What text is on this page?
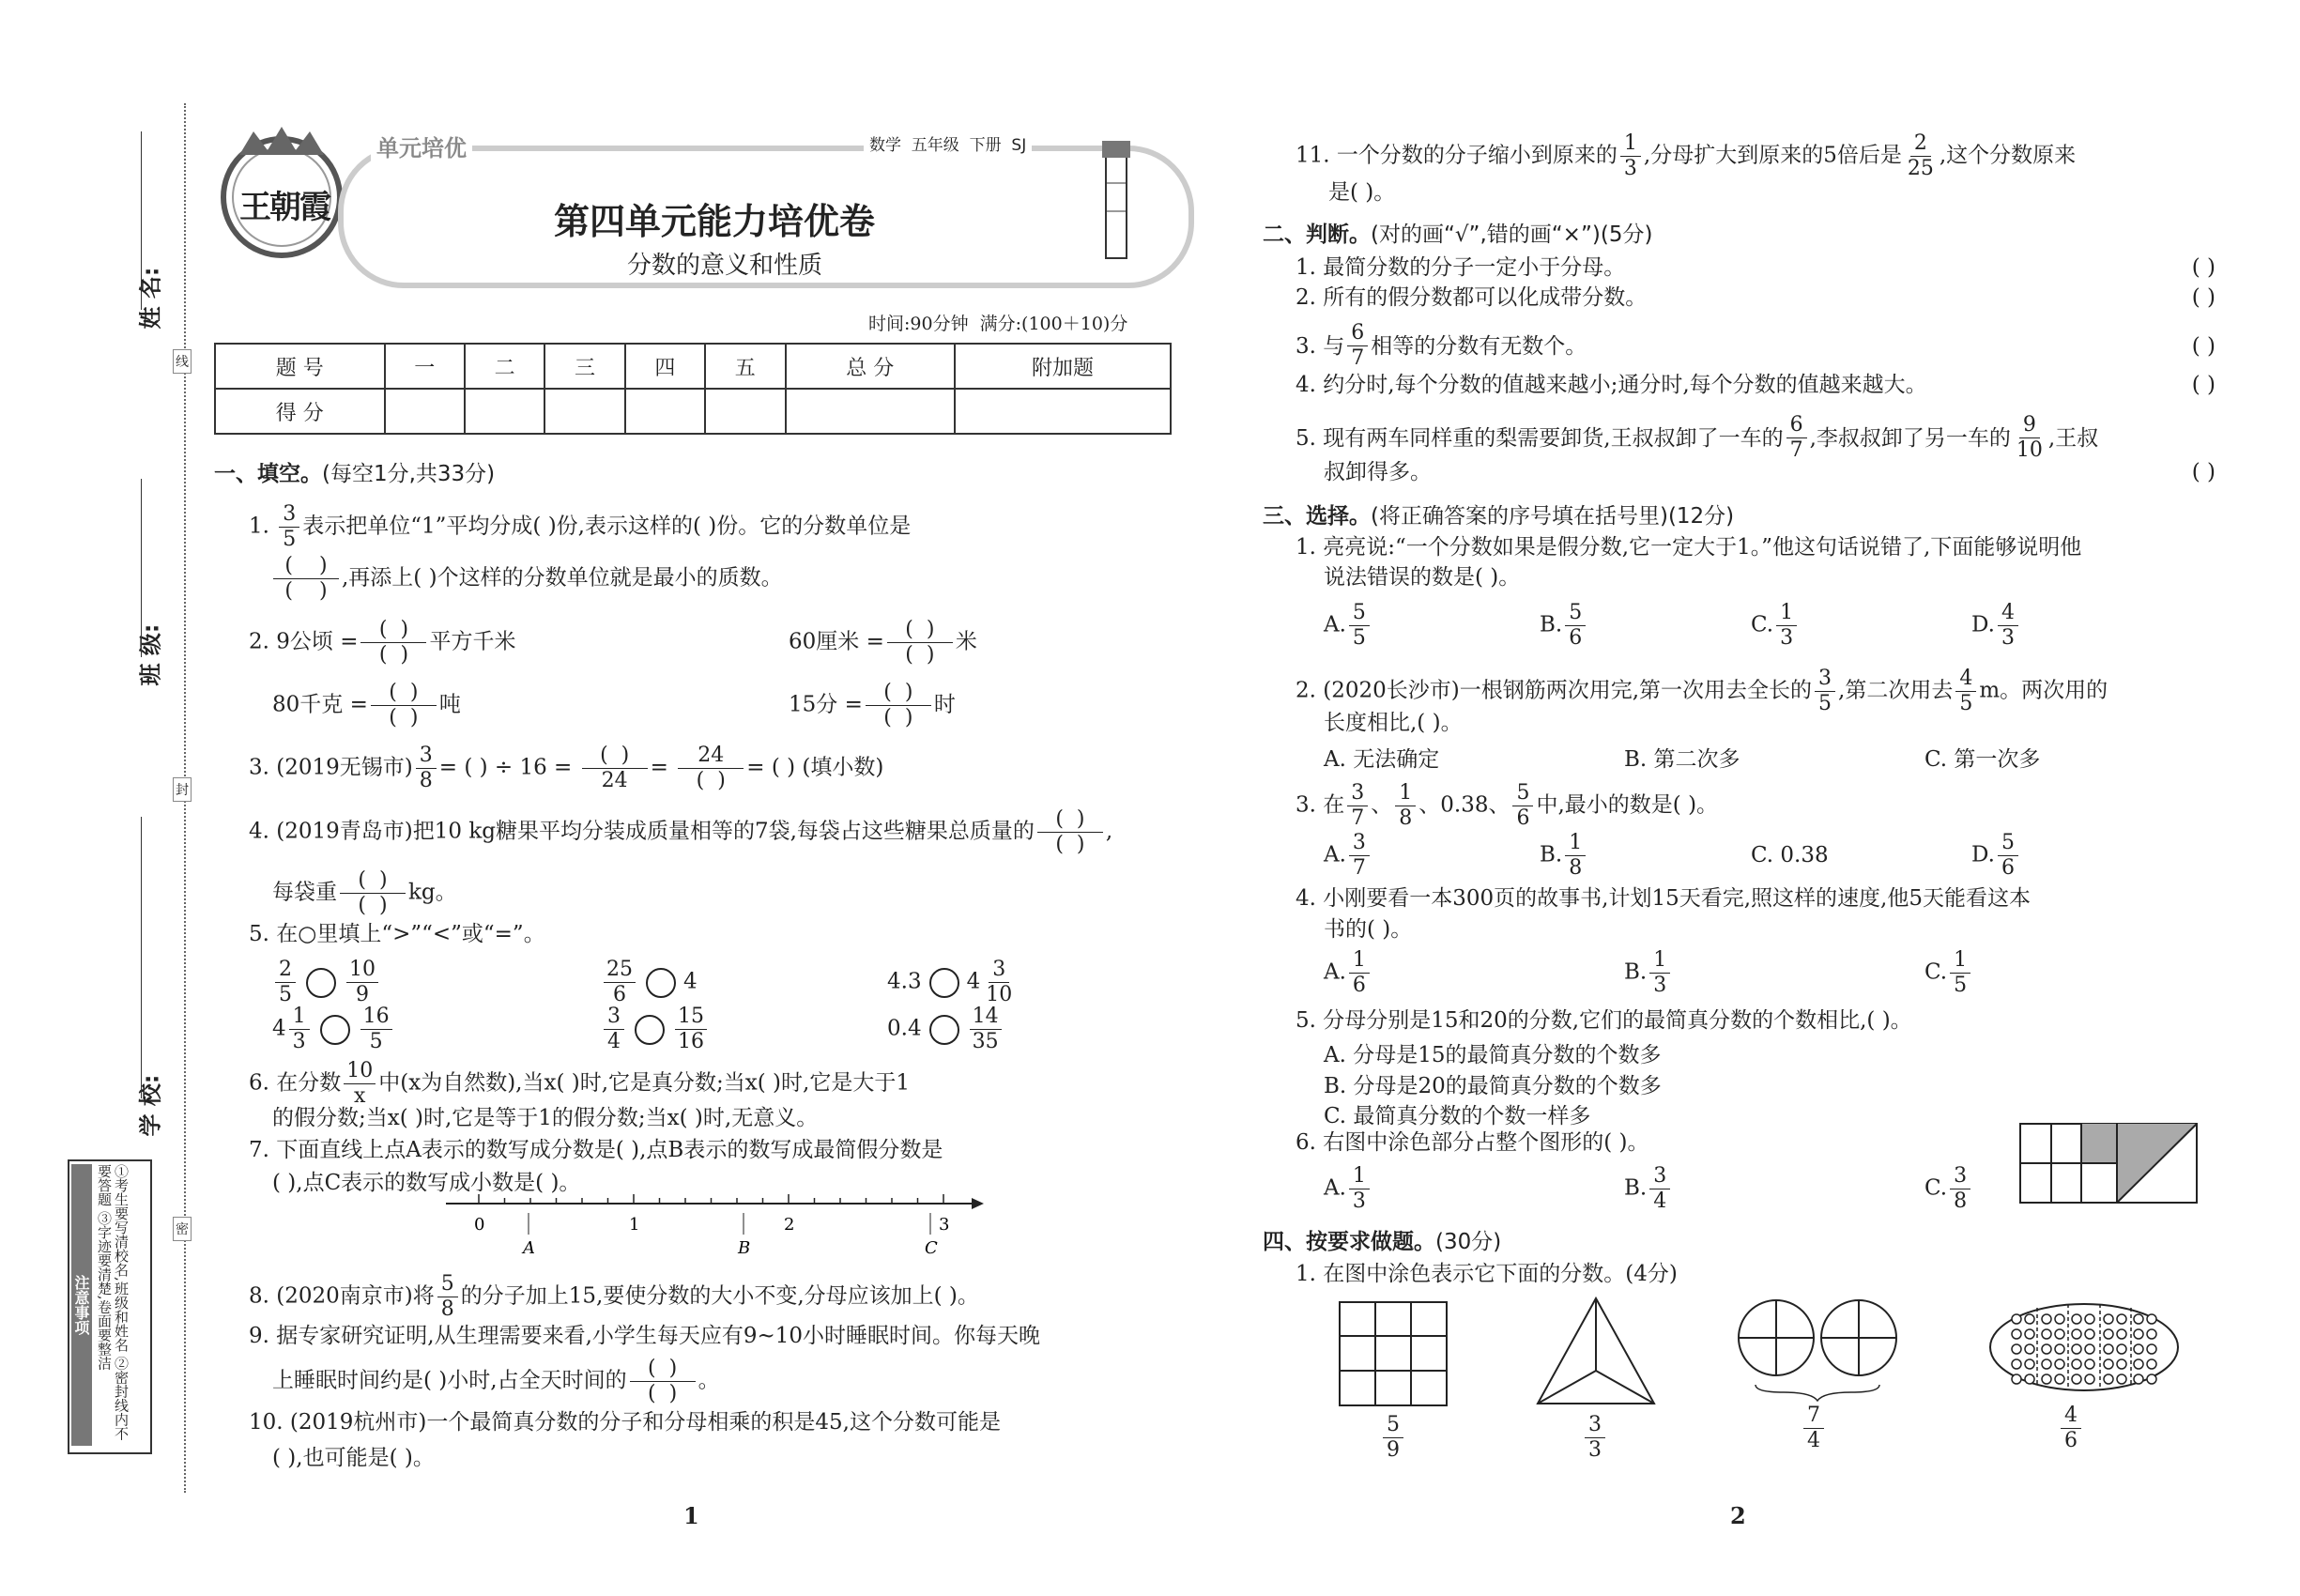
姓 名:
班 级:
学 校:
线
封
密
注意事项	①考生要写清校名,班级和姓名 ②密封线内不要答题 ③字迹要清楚,卷面要整洁
王朝霞
单元培优	数学  五年级  下册  SJ
第四单元能力培优卷
分数的意义和性质
时间:90分钟  满分:(100＋10)分
题 号	一	二	三	四	五	总 分	附加题
得 分							
一、填空。(每空1分,共33分)
1. $\frac{3}{5}$ 表示把单位“1”平均分成( )份,表示这样的( )份。它的分数单位是
$\frac{( )}{( )}$ ,再添上( )个这样的分数单位就是最小的质数。
2. 9公顷 = $\frac{( )}{( )}$ 平方千米	60厘米 = $\frac{( )}{( )}$ 米
80千克 = $\frac{( )}{( )}$ 吨	15分 = $\frac{( )}{( )}$ 时
3. (2019无锡市) $\frac{3}{8}$ = ( ) ÷ $16 = \frac{( )}{24} = \frac{24}{( )}$ = ( ) (填小数)
4. (2019青岛市)把10 kg糖果平均分装成质量相等的7袋,每袋占这些糖果总质量的 $\frac{( )}{( )}$ ,
每袋重 $\frac{( )}{( )}$ kg。
5. 在○里填上“>”“<”或“=”。
$\frac{2}{5} \frac{10}{9}$	$\frac{25}{6} 4$	4.3 $4 \frac{3}{10}$
$4 \frac{1}{3} \frac{16}{5}$	$\frac{3}{4} \frac{15}{16}$	$0.4 \frac{14}{35}$
6. 在分数 $\frac{10}{x}$ 中(x为自然数),当x( )时,它是真分数;当x( )时,它是大于1
的假分数;当x( )时,它是等于1的假分数;当x( )时,无意义。
7. 下面直线上点A表示的数写成分数是( ),点B表示的数写成最简假分数是
( ),点C表示的数写成小数是( )。
0	1	2	3
A	B	C
8. (2020南京市)将 $\frac{5}{8}$ 的分子加上15,要使分数的大小不变,分母应该加上( )。
9. 据专家研究证明,从生理需要来看,小学生每天应有9~10小时睡眠时间。你每天晚
上睡眠时间约是( )小时,占全天时间的 $\frac{( )}{( )}$ 。
10. (2019杭州市)一个最简真分数的分子和分母相乘的积是45,这个分数可能是
( ),也可能是( )。
1
11. 一个分数的分子缩小到原来的 $\frac{1}{3}$ ,分母扩大到原来的5倍后是 $\frac{2}{25}$ ,这个分数原来
是( )。
二、判断。(对的画“√”,错的画“×”)(5分)
1. 最简分数的分子一定小于分母。	( )
2. 所有的假分数都可以化成带分数。	( )
3. 与 $\frac{6}{7}$ 相等的分数有无数个。	( )
4. 约分时,每个分数的值越来越小;通分时,每个分数的值越来越大。	( )
5. 现有两车同样重的梨需要卸货,王叔叔卸了一车的 $\frac{6}{7}$ ,李叔叔卸了另一车的 $\frac{9}{10}$ ,王叔
叔卸得多。	( )
三、选择。(将正确答案的序号填在括号里)(12分)
1. 亮亮说:“一个分数如果是假分数,它一定大于1。”他这句话说错了,下面能够说明他
说法错误的数是( )。
A. $\frac{5}{5}$	B. $\frac{5}{6}$	C. $\frac{1}{3}$	D. $\frac{4}{3}$
2. (2020长沙市)一根钢筋两次用完,第一次用去全长的 $\frac{3}{5}$ ,第二次用去 $\frac{4}{5}$ m。两次用的
长度相比,( )。
A. 无法确定	B. 第二次多	C. 第一次多
3. 在 $\frac{3}{7}$ 、 $\frac{1}{8}$ 、0.38、 $\frac{5}{6}$ 中,最小的数是( )。
A. $\frac{3}{7}$	B. $\frac{1}{8}$	C. 0.38	D. $\frac{5}{6}$
4. 小刚要看一本300页的故事书,计划15天看完,照这样的速度,他5天能看这本
书的( )。
A. $\frac{1}{6}$	B. $\frac{1}{3}$	C. $\frac{1}{5}$
5. 分母分别是15和20的分数,它们的最简真分数的个数相比,( )。
A. 分母是15的最简真分数的个数多
B. 分母是20的最简真分数的个数多
C. 最简真分数的个数一样多
6. 右图中涂色部分占整个图形的( )。
A. $\frac{1}{3}$	B. $\frac{3}{4}$	C. $\frac{3}{8}$
四、按要求做题。(30分)
1. 在图中涂色表示它下面的分数。(4分)
$\frac{5}{9}$	$\frac{3}{3}$	$\frac{7}{4}$	$\frac{4}{6}$
2
